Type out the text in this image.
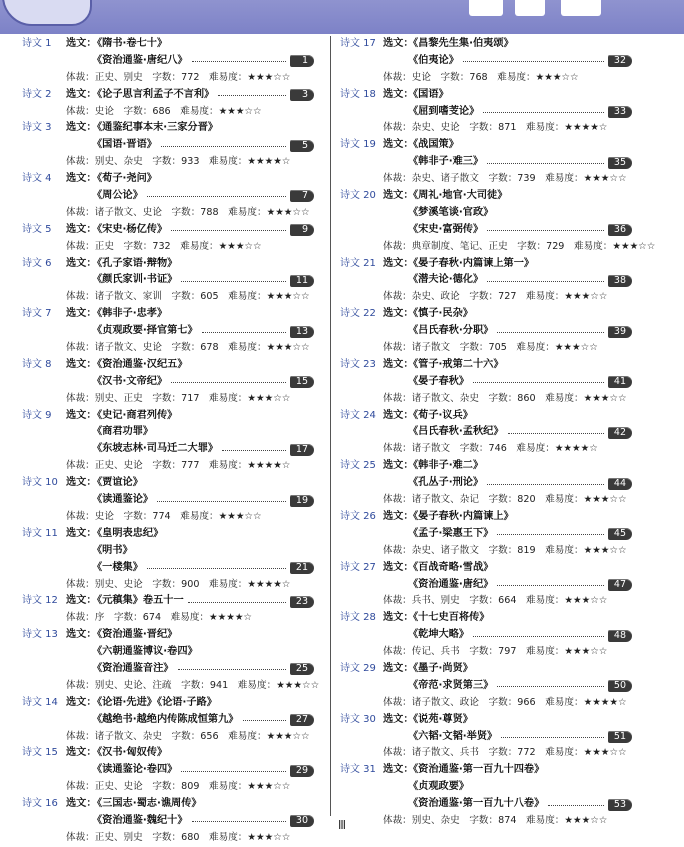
诗文 1 选文：
《隋书·卷七十》
《资治通鉴·唐纪八》	1
体裁：正史、别史　字数：772　难易度：★★★☆☆
诗文 2 选文：
《论子思言利孟子不言利》	3
体裁：史论　字数：686　难易度：★★★☆☆
诗文 3 选文：
《通鉴纪事本末·三家分晋》
《国语·晋语》	5
体裁：别史、杂史　字数：933　难易度：★★★★☆
诗文 4 选文：
《荀子·尧问》
《周公论》	7
体裁：诸子散文、史论　字数：788　难易度：★★★☆☆
诗文 5 选文：
《宋史·杨亿传》	9
体裁：正史　字数：732　难易度：★★★☆☆
诗文 6 选文：
《孔子家语·辩物》
《颜氏家训·书证》	11
体裁：诸子散文、家训　字数：605　难易度：★★★☆☆
诗文 7 选文：
《韩非子·忠孝》
《贞观政要·择官第七》	13
体裁：诸子散文、史论　字数：678　难易度：★★★☆☆
诗文 8 选文：
《资治通鉴·汉纪五》
《汉书·文帝纪》	15
体裁：别史、正史　字数：717　难易度：★★★☆☆
诗文 9 选文：
《史记·商君列传》
《商君功罪》
《东坡志林·司马迁二大罪》	17
体裁：正史、史论　字数：777　难易度：★★★★☆
诗文 10 选文：
《贾谊论》
《读通鉴论》	19
体裁：史论　字数：774　难易度：★★★☆☆
诗文 11 选文：
《皇明表忠纪》
《明书》
《一楼集》	21
体裁：别史、史论　字数：900　难易度：★★★★☆
诗文 12 选文：
《元稹集》卷五十一	23
体裁：序　字数：674　难易度：★★★★☆
诗文 13 选文：
《资治通鉴·晋纪》
《六朝通鉴博议·卷四》
《资治通鉴音注》	25
体裁：别史、史论、注疏　字数：941　难易度：★★★☆☆
诗文 14 选文：
《论语·先进》《论语·子路》
《越绝书·越绝内传陈成恒第九》	27
体裁：诸子散文、杂史　字数：656　难易度：★★★☆☆
诗文 15 选文：
《汉书·匈奴传》
《读通鉴论·卷四》	29
体裁：正史、史论　字数：809　难易度：★★★☆☆
诗文 16 选文：
《三国志·蜀志·谯周传》
《资治通鉴·魏纪十》	30
体裁：正史、别史　字数：680　难易度：★★★☆☆
诗文 17 选文：
《昌黎先生集·伯夷颂》
《伯夷论》	32
体裁：史论　字数：768　难易度：★★★☆☆
诗文 18 选文：
《国语》
《屈到嗜芰论》	33
体裁：杂史、史论　字数：871　难易度：★★★★☆
诗文 19 选文：
《战国策》
《韩非子·难三》	35
体裁：杂史、诸子散文　字数：739　难易度：★★★☆☆
诗文 20 选文：
《周礼·地官·大司徒》
《梦溪笔谈·官政》
《宋史·富弼传》	36
体裁：典章制度、笔记、正史　字数：729　难易度：★★★☆☆
诗文 21 选文：
《晏子春秋·内篇谏上第一》
《潜夫论·德化》	38
体裁：杂史、政论　字数：727　难易度：★★★☆☆
诗文 22 选文：
《慎子·民杂》
《吕氏春秋·分职》	39
体裁：诸子散文　字数：705　难易度：★★★☆☆
诗文 23 选文：
《管子·戒第二十六》
《晏子春秋》	41
体裁：诸子散文、杂史　字数：860　难易度：★★★☆☆
诗文 24 选文：
《荀子·议兵》
《吕氏春秋·孟秋纪》	42
体裁：诸子散文　字数：746　难易度：★★★★☆
诗文 25 选文：
《韩非子·难二》
《孔丛子·刑论》	44
体裁：诸子散文、杂记　字数：820　难易度：★★★☆☆
诗文 26 选文：
《晏子春秋·内篇谏上》
《孟子·梁惠王下》	45
体裁：杂史、诸子散文　字数：819　难易度：★★★☆☆
诗文 27 选文：
《百战奇略·雪战》
《资治通鉴·唐纪》	47
体裁：兵书、别史　字数：664　难易度：★★★☆☆
诗文 28 选文：
《十七史百将传》
《乾坤大略》	48
体裁：传记、兵书　字数：797　难易度：★★★☆☆
诗文 29 选文：
《墨子·尚贤》
《帝范·求贤第三》	50
体裁：诸子散文、政论　字数：966　难易度：★★★★☆
诗文 30 选文：
《说苑·尊贤》
《六韬·文韬·举贤》	51
体裁：诸子散文、兵书　字数：772　难易度：★★★☆☆
诗文 31 选文：
《资治通鉴·第一百九十四卷》
《贞观政要》
《资治通鉴·第一百九十八卷》	53
体裁：别史、杂史　字数：874　难易度：★★★☆☆
Ⅲ
